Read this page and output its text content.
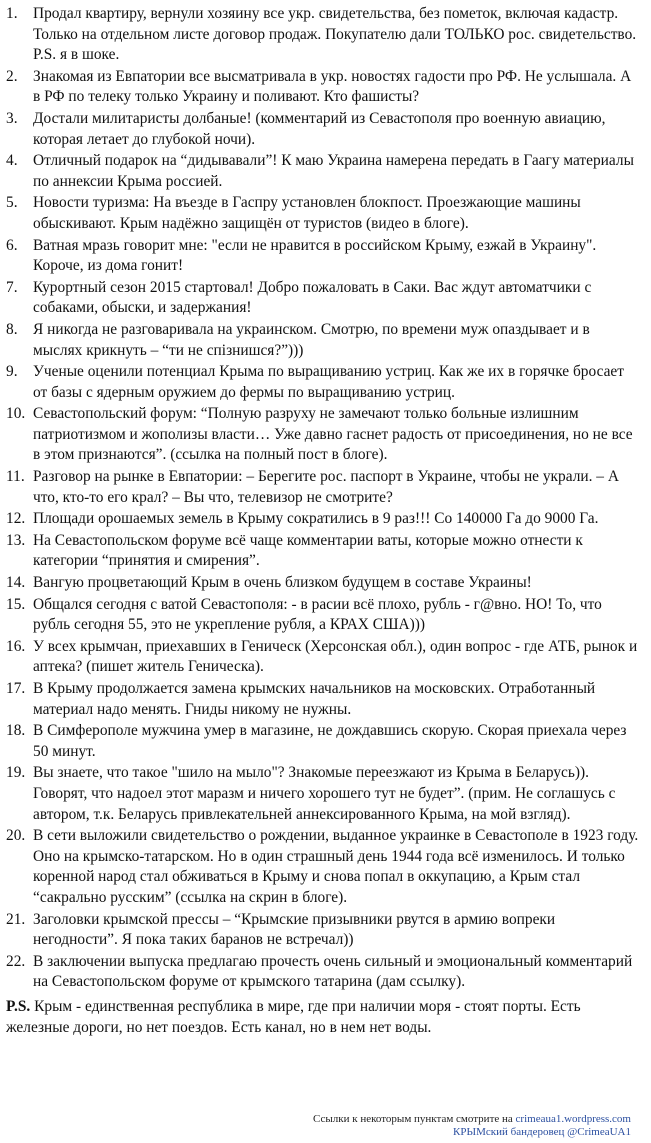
1. Продал квартиру, вернули хозяину все укр. свидетельства, без пометок, включая кадастр. Только на отдельном листе договор продаж. Покупателю дали ТОЛЬКО рос. свидетельство. P.S. я в шоке.
2. Знакомая из Евпатории все высматривала в укр. новостях гадости про РФ. Не услышала. А в РФ по телеку только Украину и поливают. Кто фашисты?
3. Достали милитаристы долбаные! (комментарий из Севастополя про военную авиацию, которая летает до глубокой ночи).
4. Отличный подарок на “дидывавали”! К маю Украина намерена передать в Гаагу материалы по аннексии Крыма россией.
5. Новости туризма: На въезде в Гаспру установлен блокпост. Проезжающие машины обыскивают. Крым надёжно защищён от туристов (видео в блоге).
6. Ватная мразь говорит мне: "если не нравится в российском Крыму, езжай в Украину". Короче, из дома гонит!
7. Курортный сезон 2015 стартовал! Добро пожаловать в Саки. Вас ждут автоматчики с собаками, обыски, и задержания!
8. Я никогда не разговаривала на украинском. Смотрю, по времени муж опаздывает и в мыслях крикнуть – “ти не спізнишся?”)))
9. Ученые оценили потенциал Крыма по выращиванию устриц. Как же их в горячке бросает от базы с ядерным оружием до фермы по выращиванию устриц.
10. Севастопольский форум: “Полную разруху не замечают только больные излишним патриотизмом и жополизы власти… Уже давно гаснет радость от присоединения, но не все в этом признаются”. (ссылка на полный пост в блоге).
11. Разговор на рынке в Евпатории: – Берегите рос. паспорт в Украине, чтобы не украли. – А что, кто-то его крал? – Вы что, телевизор не смотрите?
12. Площади орошаемых земель в Крыму сократились в 9 раз!!! Со 140000 Га до 9000 Га.
13. На Севастопольском форуме всё чаще комментарии ваты, которые можно отнести к категории “принятия и смирения”.
14. Вангую процветающий Крым в очень близком будущем в составе Украины!
15. Общался сегодня с ватой Севастополя: - в расии всё плохо, рубль - г@вно. НО! То, что рубль сегодня 55, это не укрепление рубля, а КРАХ США)))
16. У всех крымчан, приехавших в Геническ (Херсонская обл.), один вопрос - где АТБ, рынок и аптека? (пишет житель Геническа).
17. В Крыму продолжается замена крымских начальников на московских. Отработанный материал надо менять. Гниды никому не нужны.
18. В Симферополе мужчина умер в магазине, не дождавшись скорую. Скорая приехала через 50 минут.
19. Вы знаете, что такое "шило на мыло"? Знакомые переезжают из Крыма в Беларусь)). Говорят, что надоел этот маразм и ничего хорошего тут не будет”. (прим. Не соглашусь с автором, т.к. Беларусь привлекательней аннексированного Крыма, на мой взгляд).
20. В сети выложили свидетельство о рождении, выданное украинке в Севастополе в 1923 году. Оно на крымско-татарском. Но в один страшный день 1944 года всё изменилось. И только коренной народ стал обживаться в Крыму и снова попал в оккупацию, а Крым стал “сакрально русским” (ссылка на скрин в блоге).
21. Заголовки крымской прессы – “Крымские призывники рвутся в армию вопреки негодности”. Я пока таких баранов не встречал))
22. В заключении выпуска предлагаю прочесть очень сильный и эмоциональный комментарий на Севастопольском форуме от крымского татарина (дам ссылку).

P.S. Крым - единственная республика в мире, где при наличии моря - стоят порты. Есть железные дороги, но нет поездов. Есть канал, но в нем нет воды.

Ссылки к некоторым пунктам смотрите на crimeaua1.wordpress.com
КРЫМский бандеровец @CrimeaUA1
